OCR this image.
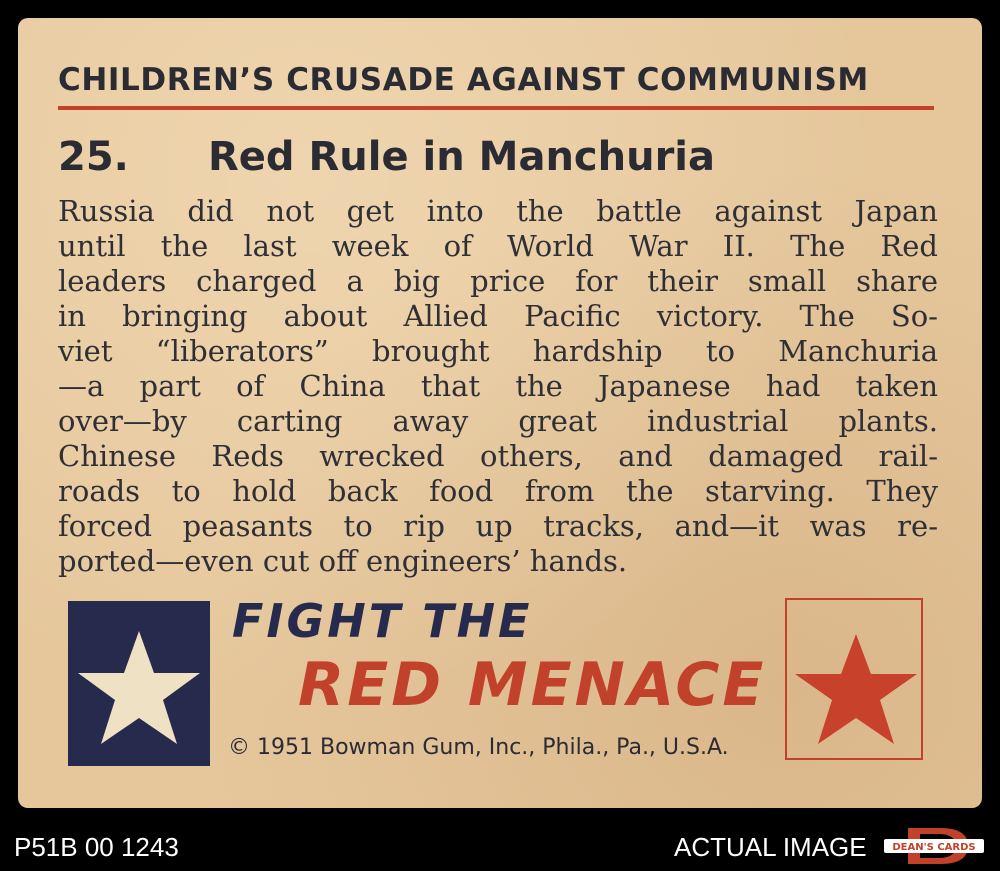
CHILDREN’S CRUSADE AGAINST COMMUNISM
25. Red Rule in Manchuria
Russia did not get into the battle against Japan
until the last week of World War II. The Red
leaders charged a big price for their small share
in bringing about Allied Pacific victory. The So-
viet “liberators” brought hardship to Manchuria
—a part of China that the Japanese had taken
over—by carting away great industrial plants.
Chinese Reds wrecked others, and damaged rail-
roads to hold back food from the starving. They
forced peasants to rip up tracks, and—it was re-
ported—even cut off engineers’ hands.
FIGHT THE
RED MENACE
© 1951 Bowman Gum, Inc., Phila., Pa., U.S.A.
P51B 00 1243	ACTUAL IMAGE	DEAN'S CARDS
